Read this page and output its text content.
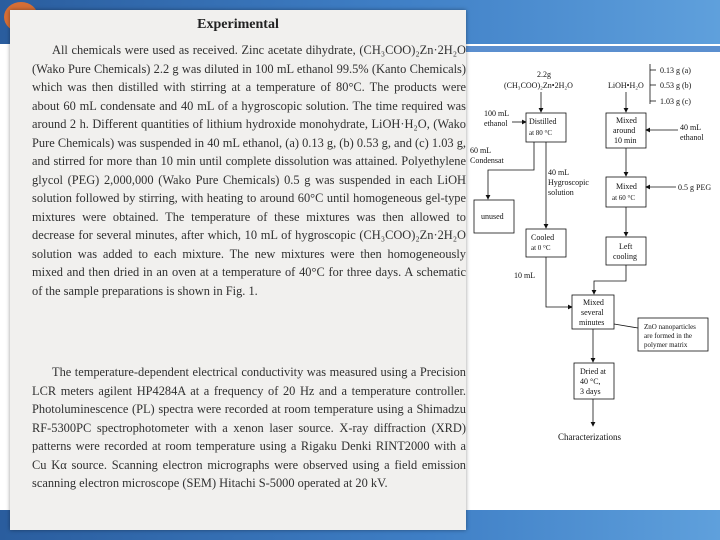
Experimental

All chemicals were used as received. Zinc acetate dihydrate, (CH₃COO)₂Zn·2H₂O (Wako Pure Chemicals) 2.2 g was diluted in 100 mL ethanol 99.5% (Kanto Chemicals) which was then distilled with stirring at a temperature of 80°C. The products were about 60 mL condensate and 40 mL of a hygroscopic solution. The time required was around 2 h. Different quantities of lithium hydroxide monohydrate, LiOH·H₂O, (Wako Pure Chemicals) was suspended in 40 mL ethanol, (a) 0.13 g, (b) 0.53 g, and (c) 1.03 g, and stirred for more than 10 min until complete dissolution was attained. Polyethylene glycol (PEG) 2,000,000 (Wako Pure Chemicals) 0.5 g was suspended in each LiOH solution followed by stirring, with heating to around 60°C until homogeneous gel-type mixtures were obtained. The temperature of these mixtures was then allowed to decrease for several minutes, after which, 10 mL of hygroscopic (CH₃COO)₂Zn·2H₂O solution was added to each mixture. The new mixtures were then homogeneously mixed and then dried in an oven at a temperature of 40°C for three days. A schematic of the sample preparations is shown in Fig. 1.

The temperature-dependent electrical conductivity was measured using a Precision LCR meters agilent HP4284A at a frequency of 20 Hz and a temperature controller. Photoluminescence (PL) spectra were recorded at room temperature using a Shimadzu RF-5300PC spectrophotometer with a xenon laser source. X-ray diffraction (XRD) patterns were recorded at room temperature using a Rigaku Denki RINT2000 with a Cu Kα source. Scanning electron micrographs were observed using a field emission scanning electron microscope (SEM) Hitachi S-5000 operated at 20 kV.

2.2g
(CH₃COO)₂Zn•2H₂O	LiOH•H₂O
0.13 g (a)
0.53 g (b)
1.03 g (c)
100 mL
ethanol	Distilled
at 80 °C
Mixed
around
10 min
40 mL
ethanol
60 mL
Condensat
40 mL
Hygroscopic
solution
unused
Cooled
at 0 °C
Mixed
at 60 °C
0.5 g PEG
Left
cooling
10 mL
Mixed
several
minutes	ZnO nanoparticles
are formed in the
polymer matrix
Dried at
40 °C,
3 days
Characterizations
